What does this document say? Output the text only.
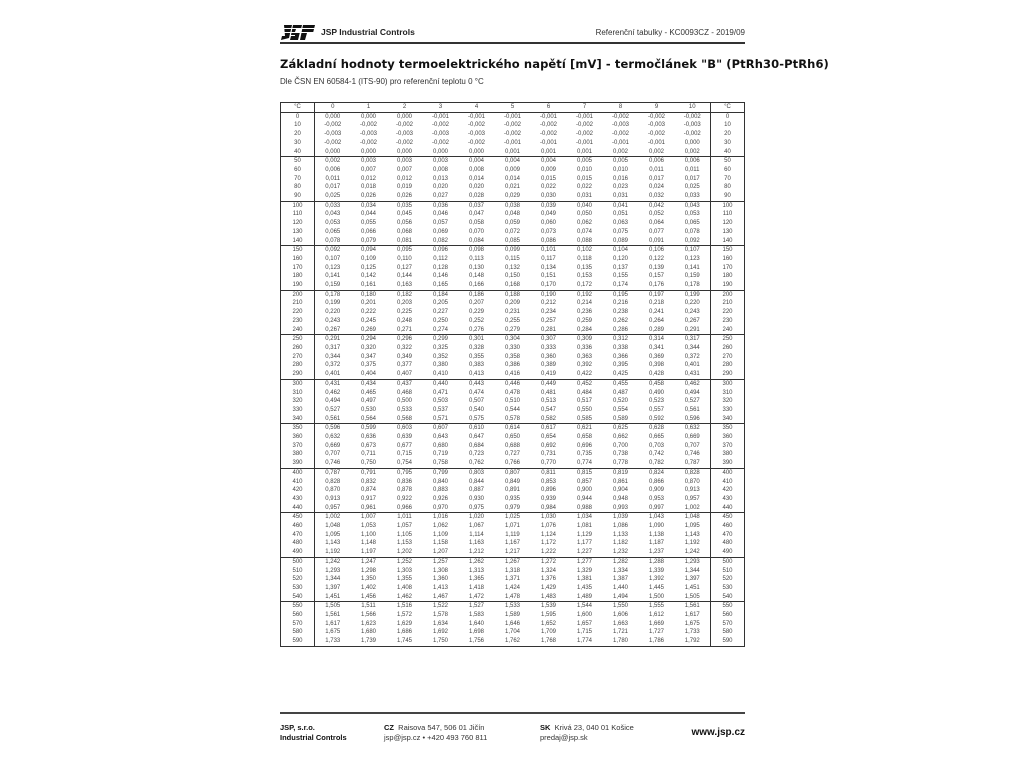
JSP Industrial Controls	Referenční tabulky - KC0093CZ - 2019/09
Základní hodnoty termoelektrického napětí [mV] - termočlánek "B" (PtRh30-PtRh6)
Dle ČSN EN 60584-1 (ITS-90) pro referenční teplotu 0 °C
°C	0	1	2	3	4	5	6	7	8	9	10	°C
0	0,000	0,000	0,000	-0,001	-0,001	-0,001	-0,001	-0,001	-0,002	-0,002	-0,002	0
10	-0,002	-0,002	-0,002	-0,002	-0,002	-0,002	-0,002	-0,002	-0,003	-0,003	-0,003	10
20	-0,003	-0,003	-0,003	-0,003	-0,003	-0,002	-0,002	-0,002	-0,002	-0,002	-0,002	20
30	-0,002	-0,002	-0,002	-0,002	-0,002	-0,001	-0,001	-0,001	-0,001	-0,001	0,000	30
40	0,000	0,000	0,000	0,000	0,000	0,001	0,001	0,001	0,002	0,002	0,002	40
50	0,002	0,003	0,003	0,003	0,004	0,004	0,004	0,005	0,005	0,006	0,006	50
60	0,006	0,007	0,007	0,008	0,008	0,009	0,009	0,010	0,010	0,011	0,011	60
70	0,011	0,012	0,012	0,013	0,014	0,014	0,015	0,015	0,016	0,017	0,017	70
80	0,017	0,018	0,019	0,020	0,020	0,021	0,022	0,022	0,023	0,024	0,025	80
90	0,025	0,026	0,026	0,027	0,028	0,029	0,030	0,031	0,031	0,032	0,033	90
100	0,033	0,034	0,035	0,036	0,037	0,038	0,039	0,040	0,041	0,042	0,043	100
110	0,043	0,044	0,045	0,046	0,047	0,048	0,049	0,050	0,051	0,052	0,053	110
120	0,053	0,055	0,056	0,057	0,058	0,059	0,060	0,062	0,063	0,064	0,065	120
130	0,065	0,066	0,068	0,069	0,070	0,072	0,073	0,074	0,075	0,077	0,078	130
140	0,078	0,079	0,081	0,082	0,084	0,085	0,086	0,088	0,089	0,091	0,092	140
150	0,092	0,094	0,095	0,096	0,098	0,099	0,101	0,102	0,104	0,106	0,107	150
160	0,107	0,109	0,110	0,112	0,113	0,115	0,117	0,118	0,120	0,122	0,123	160
170	0,123	0,125	0,127	0,128	0,130	0,132	0,134	0,135	0,137	0,139	0,141	170
180	0,141	0,142	0,144	0,146	0,148	0,150	0,151	0,153	0,155	0,157	0,159	180
190	0,159	0,161	0,163	0,165	0,166	0,168	0,170	0,172	0,174	0,176	0,178	190
200	0,178	0,180	0,182	0,184	0,186	0,188	0,190	0,192	0,195	0,197	0,199	200
210	0,199	0,201	0,203	0,205	0,207	0,209	0,212	0,214	0,216	0,218	0,220	210
220	0,220	0,222	0,225	0,227	0,229	0,231	0,234	0,236	0,238	0,241	0,243	220
230	0,243	0,245	0,248	0,250	0,252	0,255	0,257	0,259	0,262	0,264	0,267	230
240	0,267	0,269	0,271	0,274	0,276	0,279	0,281	0,284	0,286	0,289	0,291	240
250	0,291	0,294	0,296	0,299	0,301	0,304	0,307	0,309	0,312	0,314	0,317	250
260	0,317	0,320	0,322	0,325	0,328	0,330	0,333	0,336	0,338	0,341	0,344	260
270	0,344	0,347	0,349	0,352	0,355	0,358	0,360	0,363	0,366	0,369	0,372	270
280	0,372	0,375	0,377	0,380	0,383	0,386	0,389	0,392	0,395	0,398	0,401	280
290	0,401	0,404	0,407	0,410	0,413	0,416	0,419	0,422	0,425	0,428	0,431	290
300	0,431	0,434	0,437	0,440	0,443	0,446	0,449	0,452	0,455	0,458	0,462	300
310	0,462	0,465	0,468	0,471	0,474	0,478	0,481	0,484	0,487	0,490	0,494	310
320	0,494	0,497	0,500	0,503	0,507	0,510	0,513	0,517	0,520	0,523	0,527	320
330	0,527	0,530	0,533	0,537	0,540	0,544	0,547	0,550	0,554	0,557	0,561	330
340	0,561	0,564	0,568	0,571	0,575	0,578	0,582	0,585	0,589	0,592	0,596	340
350	0,596	0,599	0,603	0,607	0,610	0,614	0,617	0,621	0,625	0,628	0,632	350
360	0,632	0,636	0,639	0,643	0,647	0,650	0,654	0,658	0,662	0,665	0,669	360
370	0,669	0,673	0,677	0,680	0,684	0,688	0,692	0,696	0,700	0,703	0,707	370
380	0,707	0,711	0,715	0,719	0,723	0,727	0,731	0,735	0,738	0,742	0,746	380
390	0,746	0,750	0,754	0,758	0,762	0,766	0,770	0,774	0,778	0,782	0,787	390
400	0,787	0,791	0,795	0,799	0,803	0,807	0,811	0,815	0,819	0,824	0,828	400
410	0,828	0,832	0,836	0,840	0,844	0,849	0,853	0,857	0,861	0,866	0,870	410
420	0,870	0,874	0,878	0,883	0,887	0,891	0,896	0,900	0,904	0,909	0,913	420
430	0,913	0,917	0,922	0,926	0,930	0,935	0,939	0,944	0,948	0,953	0,957	430
440	0,957	0,961	0,966	0,970	0,975	0,979	0,984	0,988	0,993	0,997	1,002	440
450	1,002	1,007	1,011	1,016	1,020	1,025	1,030	1,034	1,039	1,043	1,048	450
460	1,048	1,053	1,057	1,062	1,067	1,071	1,076	1,081	1,086	1,090	1,095	460
470	1,095	1,100	1,105	1,109	1,114	1,119	1,124	1,129	1,133	1,138	1,143	470
480	1,143	1,148	1,153	1,158	1,163	1,167	1,172	1,177	1,182	1,187	1,192	480
490	1,192	1,197	1,202	1,207	1,212	1,217	1,222	1,227	1,232	1,237	1,242	490
500	1,242	1,247	1,252	1,257	1,262	1,267	1,272	1,277	1,282	1,288	1,293	500
510	1,293	1,298	1,303	1,308	1,313	1,318	1,324	1,329	1,334	1,339	1,344	510
520	1,344	1,350	1,355	1,360	1,365	1,371	1,376	1,381	1,387	1,392	1,397	520
530	1,397	1,402	1,408	1,413	1,418	1,424	1,429	1,435	1,440	1,445	1,451	530
540	1,451	1,456	1,462	1,467	1,472	1,478	1,483	1,489	1,494	1,500	1,505	540
550	1,505	1,511	1,516	1,522	1,527	1,533	1,539	1,544	1,550	1,555	1,561	550
560	1,561	1,566	1,572	1,578	1,583	1,589	1,595	1,600	1,606	1,612	1,617	560
570	1,617	1,623	1,629	1,634	1,640	1,646	1,652	1,657	1,663	1,669	1,675	570
580	1,675	1,680	1,686	1,692	1,698	1,704	1,709	1,715	1,721	1,727	1,733	580
590	1,733	1,739	1,745	1,750	1,756	1,762	1,768	1,774	1,780	1,786	1,792	590
JSP, s.r.o.
Industrial Controls
CZ Raisova 547, 506 01 Jičín
jsp@jsp.cz • +420 493 760 811
SK Krivá 23, 040 01 Košice
predaj@jsp.sk	www.jsp.cz
